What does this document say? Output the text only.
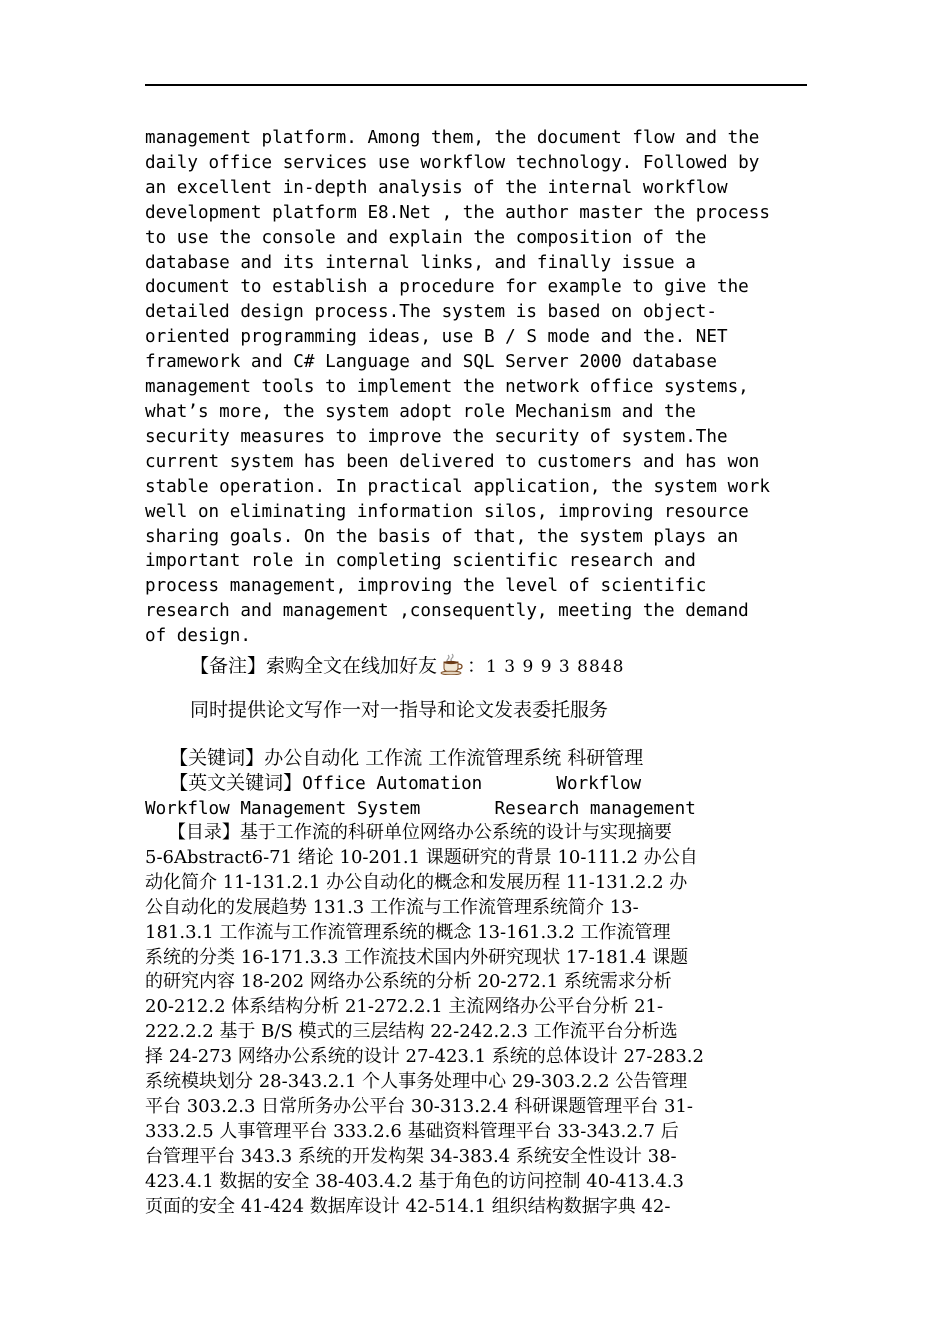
management platform. Among them, the document flow and the
daily office services use workflow technology. Followed by
an excellent in-depth analysis of the internal workflow
development platform E8.Net , the author master the process
to use the console and explain the composition of the
database and its internal links, and finally issue a
document to establish a procedure for example to give the
detailed design process.The system is based on object-
oriented programming ideas, use B / S mode and the. NET
framework and C# Language and SQL Server 2000 database
management tools to implement the network office systems,
what’s more, the system adopt role Mechanism and the
security measures to improve the security of system.The
current system has been delivered to customers and has won
stable operation. In practical application, the system work
well on eliminating information silos, improving resource
sharing goals. On the basis of that, the system plays an
important role in completing scientific research and
process management, improving the level of scientific
research and management ,consequently, meeting the demand
of design.
【备注】索购全文在线加好友 ：1 3 9 9 3 8848
同时提供论文写作一对一指导和论文发表委托服务
【关键词】办公自动化 工作流 工作流管理系统 科研管理
【英文关键词】Office Automation       Workflow
Workflow Management System       Research management
【目录】基于工作流的科研单位网络办公系统的设计与实现摘要
5-6Abstract6-71 绪论 10-201.1 课题研究的背景 10-111.2 办公自
动化简介 11-131.2.1 办公自动化的概念和发展历程 11-131.2.2 办
公自动化的发展趋势 131.3 工作流与工作流管理系统简介 13-
181.3.1 工作流与工作流管理系统的概念 13-161.3.2 工作流管理
系统的分类 16-171.3.3 工作流技术国内外研究现状 17-181.4 课题
的研究内容 18-202 网络办公系统的分析 20-272.1 系统需求分析
20-212.2 体系结构分析 21-272.2.1 主流网络办公平台分析 21-
222.2.2 基于 B/S 模式的三层结构 22-242.2.3 工作流平台分析选
择 24-273 网络办公系统的设计 27-423.1 系统的总体设计 27-283.2
系统模块划分 28-343.2.1 个人事务处理中心 29-303.2.2 公告管理
平台 303.2.3 日常所务办公平台 30-313.2.4 科研课题管理平台 31-
333.2.5 人事管理平台 333.2.6 基础资料管理平台 33-343.2.7 后
台管理平台 343.3 系统的开发构架 34-383.4 系统安全性设计 38-
423.4.1 数据的安全 38-403.4.2 基于角色的访问控制 40-413.4.3
页面的安全 41-424 数据库设计 42-514.1 组织结构数据字典 42-
